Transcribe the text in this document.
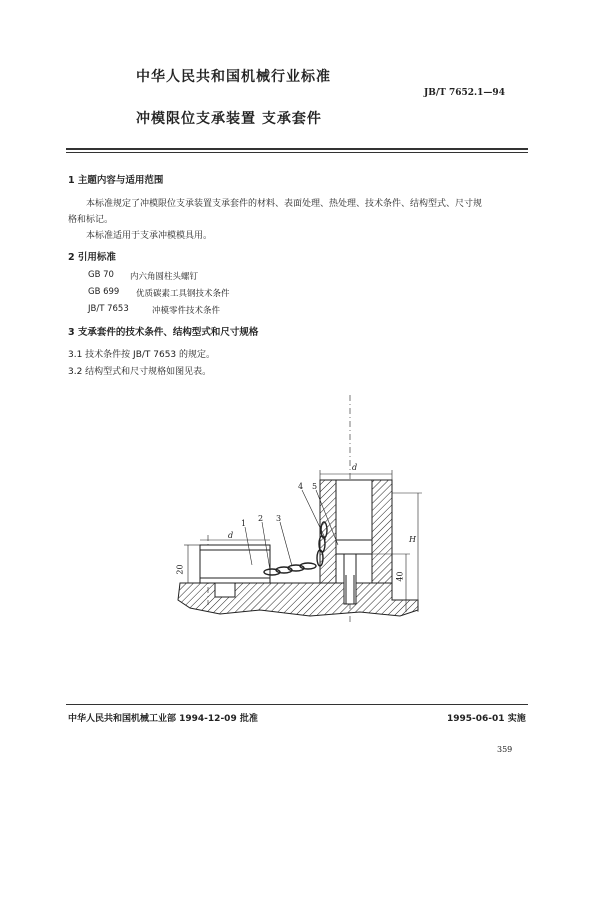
中华人民共和国机械行业标准
JB/T 7652.1—94
冲模限位支承装置 支承套件
1 主题内容与适用范围
本标准规定了冲模限位支承装置支承套件的材料、表面处理、热处理、技术条件、结构型式、尺寸规
格和标记。
本标准适用于支承冲模模具用。
2 引用标准
GB 70 内六角圆柱头螺钉
GB 699 优质碳素工具钢技术条件
JB/T 7653	冲模零件技术条件
3 支承套件的技术条件、结构型式和尺寸规格
3.1 技术条件按 JB/T 7653 的规定。
3.2 结构型式和尺寸规格如图见表。
1
2 3
4 5
d
d	H
40
20
中华人民共和国机械工业部 1994-12-09 批准	1995-06-01 实施
359
